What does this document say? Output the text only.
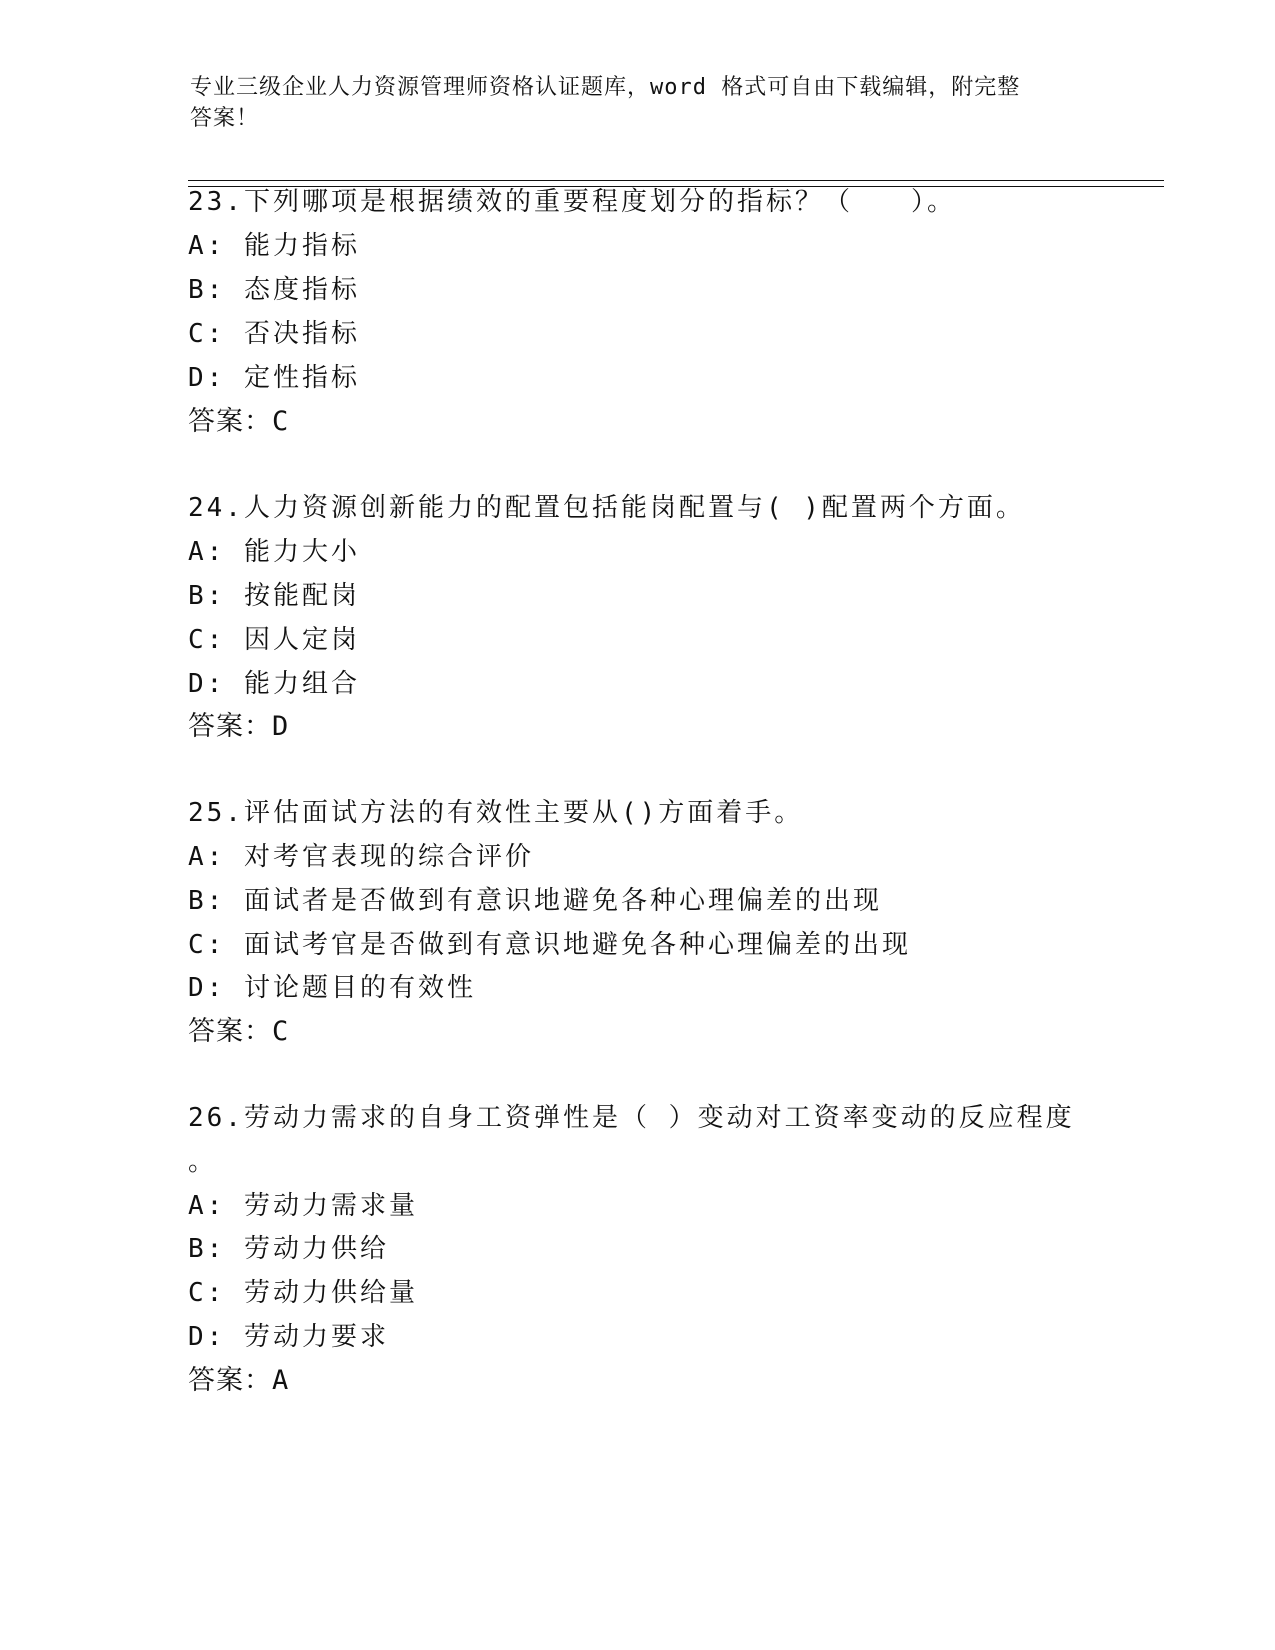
专业三级企业人力资源管理师资格认证题库，word 格式可自由下载编辑，附完整
答案！
23.下列哪项是根据绩效的重要程度划分的指标？（　　）。
A: 能力指标
B: 态度指标
C: 否决指标
D: 定性指标
答案：C
24.人力资源创新能力的配置包括能岗配置与( )配置两个方面。
A: 能力大小
B: 按能配岗
C: 因人定岗
D: 能力组合
答案：D
25.评估面试方法的有效性主要从()方面着手。
A: 对考官表现的综合评价
B: 面试者是否做到有意识地避免各种心理偏差的出现
C: 面试考官是否做到有意识地避免各种心理偏差的出现
D: 讨论题目的有效性
答案：C
26.劳动力需求的自身工资弹性是（ ）变动对工资率变动的反应程度
。
A: 劳动力需求量
B: 劳动力供给
C: 劳动力供给量
D: 劳动力要求
答案：A
